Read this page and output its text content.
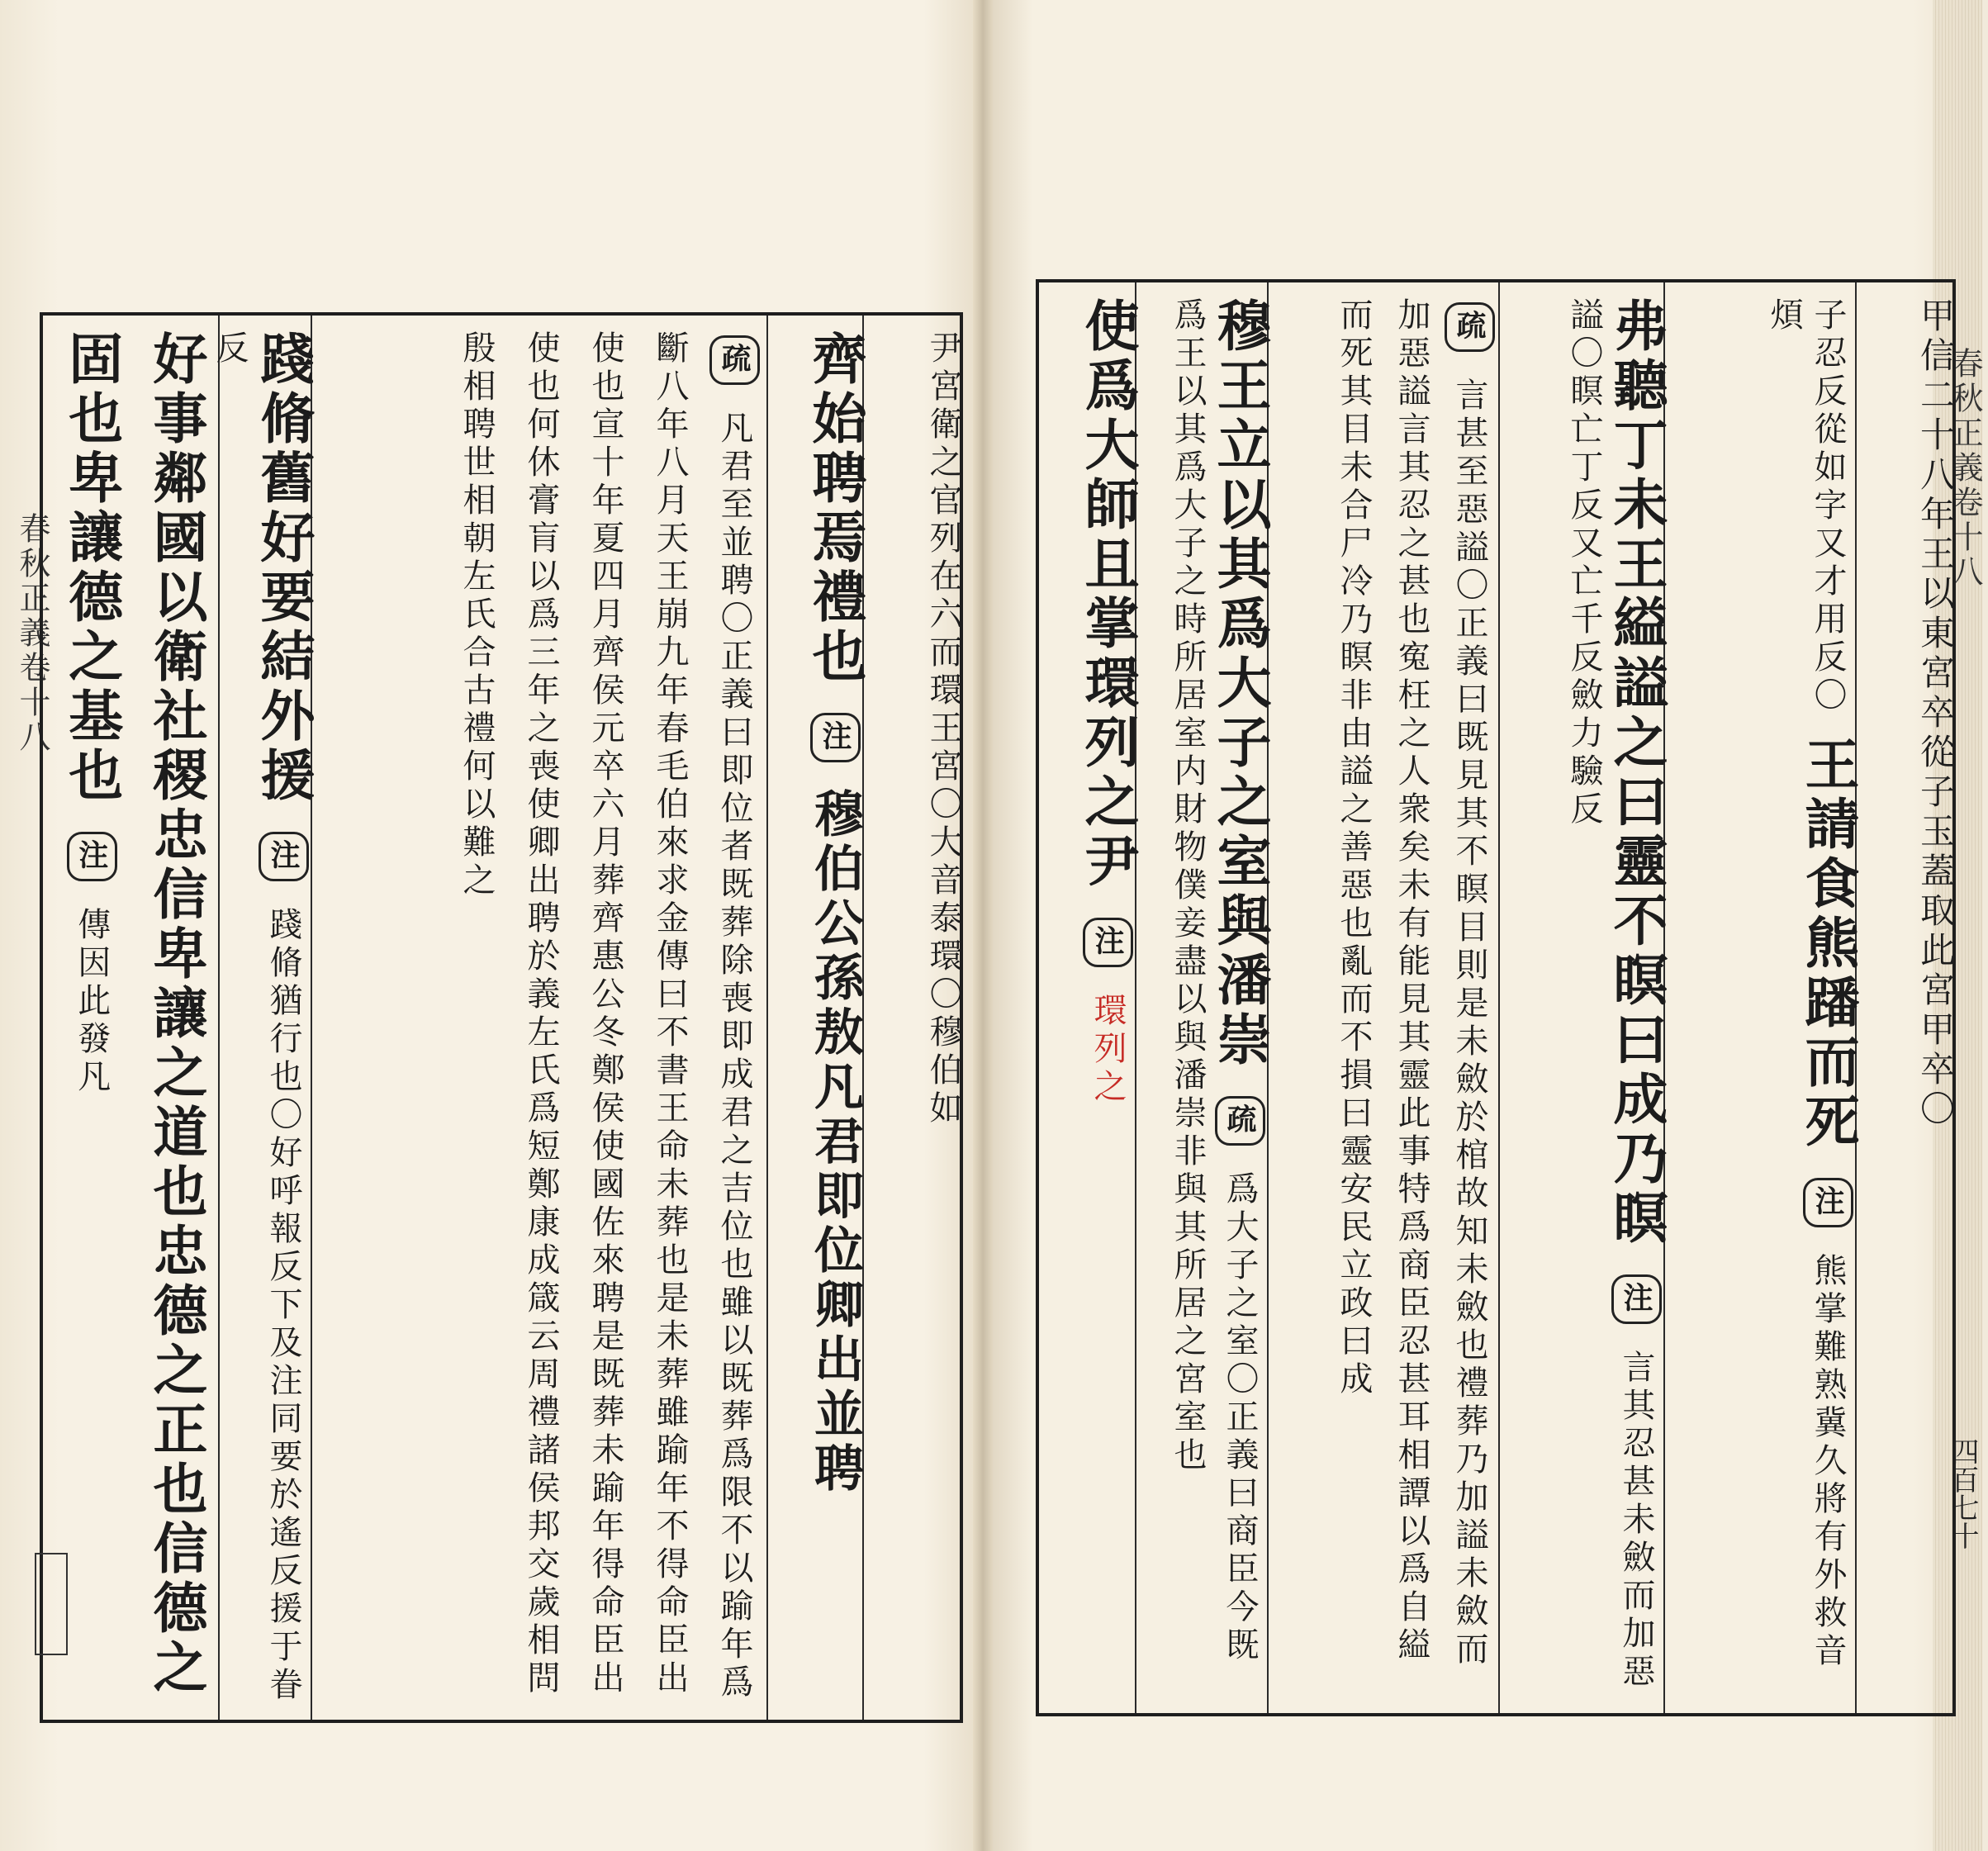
春秋正義卷十八	尹宮衛之官列在六而環王宮〇大音泰環〇穆伯如
齊始聘焉禮也 注 穆伯公孫敖凡君即位卿出並聘
疏 凡君至並聘〇正義曰即位者既葬除喪即成君之吉位也雖以既葬爲限不以踰年爲斷八年八月天王崩九年春毛伯來求金傳曰不書王命未葬也是未葬雖踰年不得命臣出使也宣十年夏四月齊侯元卒六月葬齊惠公冬鄭侯使國佐來聘是既葬未踰年得命臣出使也何休膏肓以爲三年之喪使卿出聘於義左氏爲短鄭康成箴云周禮諸侯邦交歲相問殷相聘世相朝左氏合古禮何以難之
踐脩舊好要結外援 注 踐脩猶行也〇好呼報反下及注同要於遙反援于眷反
好事鄰國以衛社稷忠信卑讓之道也忠德之正也信德之固也卑讓德之基也 注 傳因此發凡
春秋正義卷十八
四百七十
甲信二十八年王以東宮卒從子玉蓋取此宮甲卒〇
子忍反從如字又才用反〇 王請食熊蹯而死 注 熊掌難熟冀久將有外救音煩
弗聽丁未王縊謚之曰靈不瞑曰成乃瞑 注 言其忍甚未斂而加惡謚〇瞑亡丁反又亡千反斂力驗反
疏 言甚至惡謚〇正義曰既見其不瞑目則是未斂於棺故知未斂也禮葬乃加謚未斂而加惡謚言其忍之甚也寃枉之人衆矣未有能見其靈此事特爲商臣忍甚耳相譚以爲自縊而死其目未合尸冷乃瞑非由謚之善惡也亂而不損曰靈安民立政曰成
穆王立以其爲大子之室與潘崇 疏 爲大子之室〇正義曰商臣今既爲王以其爲大子之時所居室内財物僕妾盡以與潘崇非與其所居之宮室也
使爲大師且掌環列之尹 注 環列之
